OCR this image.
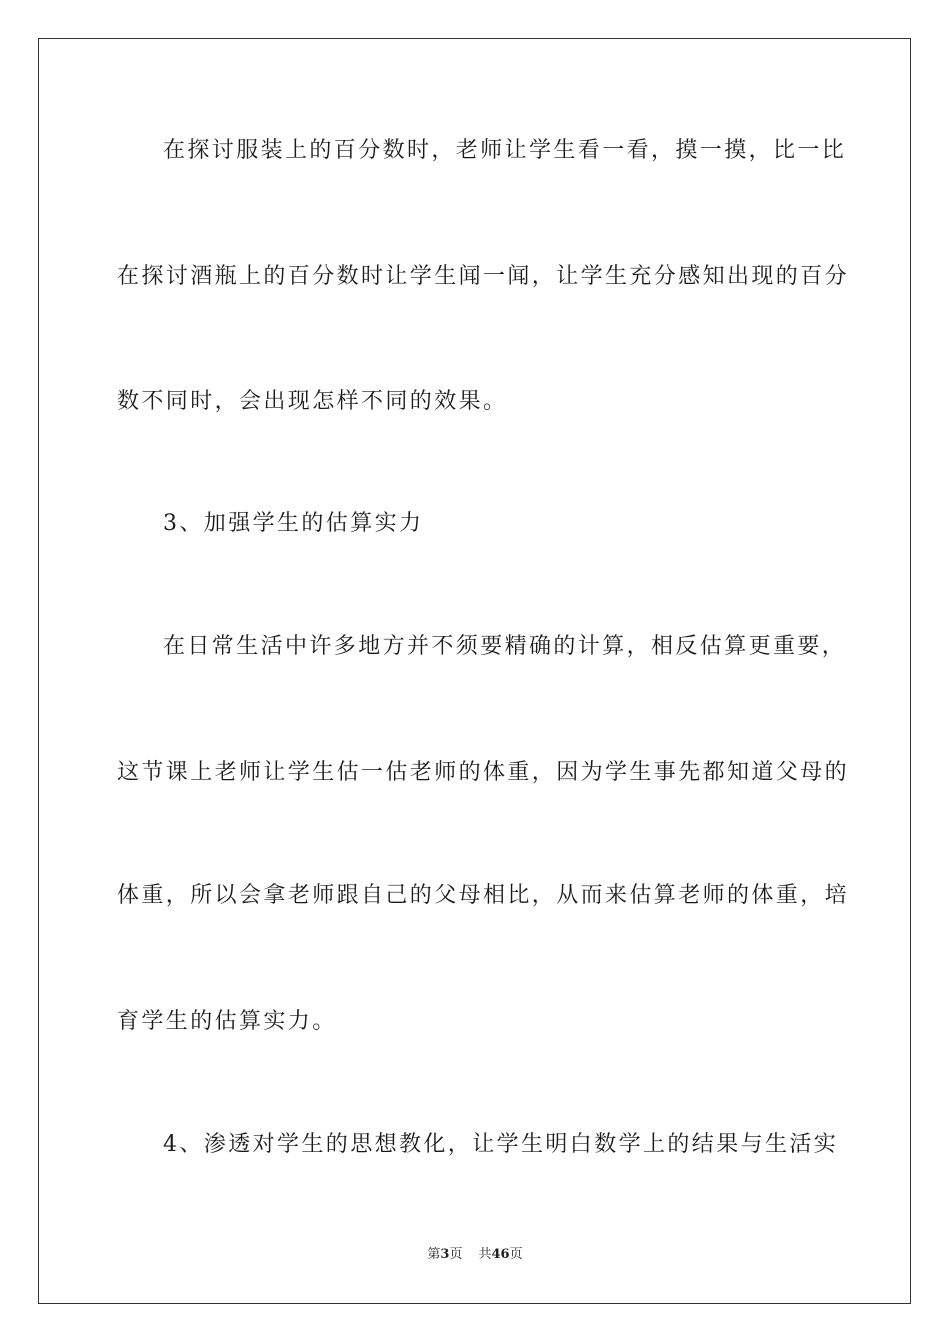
在探讨服装上的百分数时，老师让学生看一看，摸一摸，比一比
在探讨酒瓶上的百分数时让学生闻一闻，让学生充分感知出现的百分
数不同时，会出现怎样不同的效果。
3、加强学生的估算实力
在日常生活中许多地方并不须要精确的计算，相反估算更重要，
这节课上老师让学生估一估老师的体重，因为学生事先都知道父母的
体重，所以会拿老师跟自己的父母相比，从而来估算老师的体重，培
育学生的估算实力。
4、渗透对学生的思想教化，让学生明白数学上的结果与生活实
第3页 共46页
